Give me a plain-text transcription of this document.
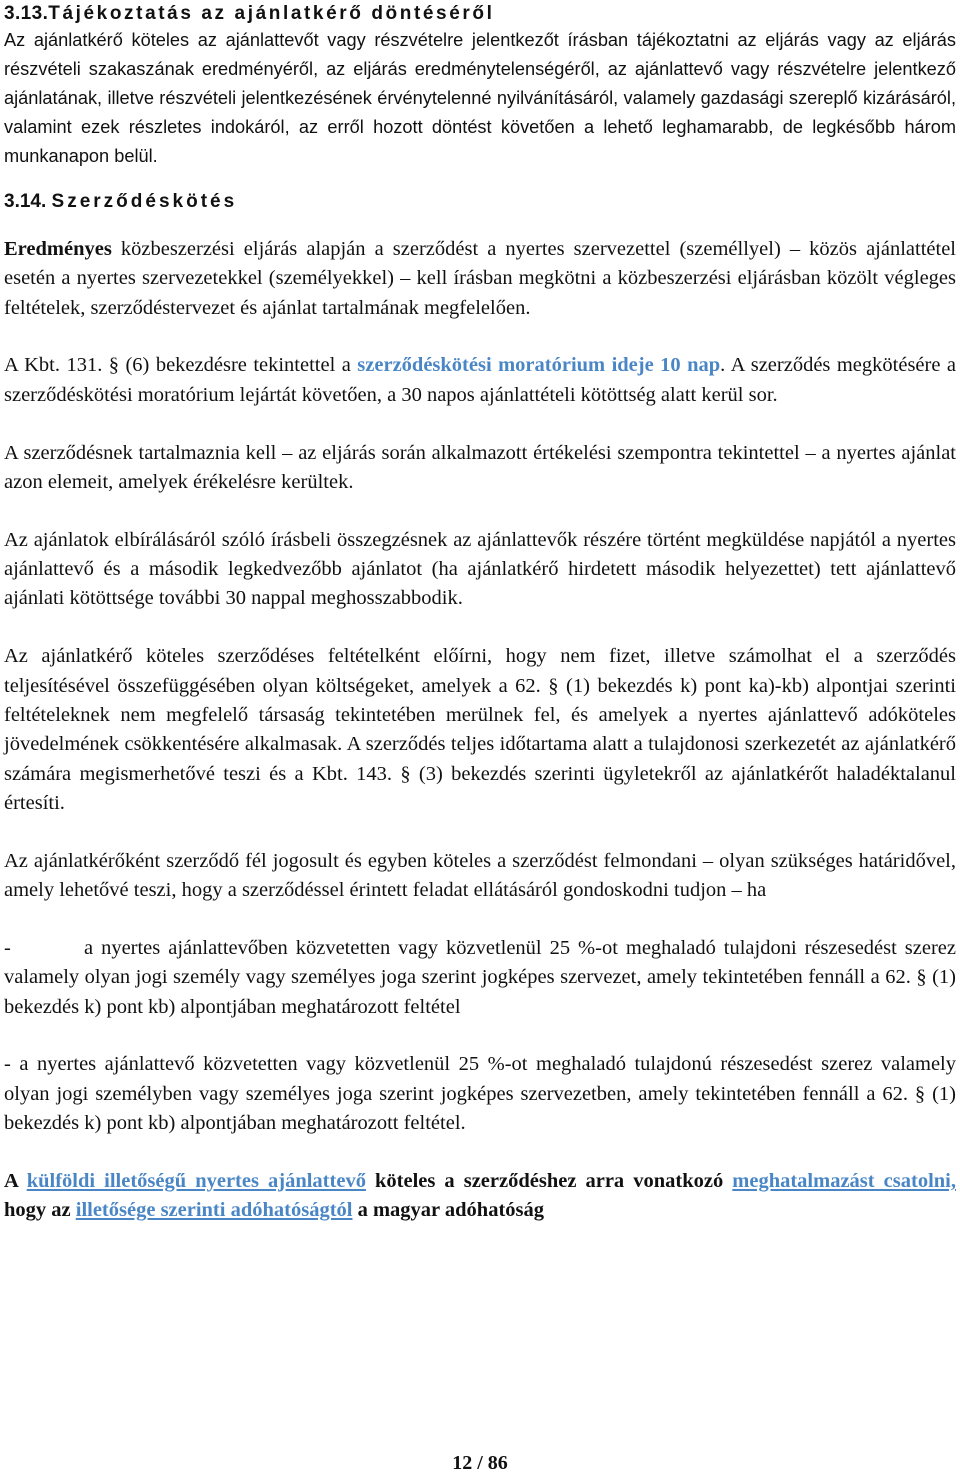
3.13.Tájékoztatás az ajánlatkérő döntéséről

Az ajánlatkérő köteles az ajánlattevőt vagy részvételre jelentkezőt írásban tájékoztatni az eljárás vagy az eljárás részvételi szakaszának eredményéről, az eljárás eredménytelenségéről, az ajánlattevő vagy részvételre jelentkező ajánlatának, illetve részvételi jelentkezésének érvénytelenné nyilvánításáról, valamely gazdasági szereplő kizárásáról, valamint ezek részletes indokáról, az erről hozott döntést követően a lehető leghamarabb, de legkésőbb három munkanapon belül.

3.14. Szerződéskötés

Eredményes közbeszerzési eljárás alapján a szerződést a nyertes szervezettel (személlyel) – közös ajánlattétel esetén a nyertes szervezetekkel (személyekkel) – kell írásban megkötni a közbeszerzési eljárásban közölt végleges feltételek, szerződéstervezet és ajánlat tartalmának megfelelően.

A Kbt. 131. § (6) bekezdésre tekintettel a szerződéskötési moratórium ideje 10 nap. A szerződés megkötésére a szerződéskötési moratórium lejártát követően, a 30 napos ajánlattételi kötöttség alatt kerül sor.

A szerződésnek tartalmaznia kell – az eljárás során alkalmazott értékelési szempontra tekintettel – a nyertes ajánlat azon elemeit, amelyek érékelésre kerültek.

Az ajánlatok elbírálásáról szóló írásbeli összegzésnek az ajánlattevők részére történt megküldése napjától a nyertes ajánlattevő és a második legkedvezőbb ajánlatot (ha ajánlatkérő hirdetett második helyezettet) tett ajánlattevő ajánlati kötöttsége további 30 nappal meghosszabbodik.

Az ajánlatkérő köteles szerződéses feltételként előírni, hogy nem fizet, illetve számolhat el a szerződés teljesítésével összefüggésében olyan költségeket, amelyek a 62. § (1) bekezdés k) pont ka)-kb) alpontjai szerinti feltételeknek nem megfelelő társaság tekintetében merülnek fel, és amelyek a nyertes ajánlattevő adóköteles jövedelmének csökkentésére alkalmasak. A szerződés teljes időtartama alatt a tulajdonosi szerkezetét az ajánlatkérő számára megismerhetővé teszi és a Kbt. 143. § (3) bekezdés szerinti ügyletekről az ajánlatkérőt haladéktalanul értesíti.

Az ajánlatkérőként szerződő fél jogosult és egyben köteles a szerződést felmondani – olyan szükséges határidővel, amely lehetővé teszi, hogy a szerződéssel érintett feladat ellátásáról gondoskodni tudjon – ha

-	a nyertes ajánlattevőben közvetetten vagy közvetlenül 25 %-ot meghaladó tulajdoni részesedést szerez valamely olyan jogi személy vagy személyes joga szerint jogképes szervezet, amely tekintetében fennáll a 62. § (1) bekezdés k) pont kb) alpontjában meghatározott feltétel

- a nyertes ajánlattevő közvetetten vagy közvetlenül 25 %-ot meghaladó tulajdonú részesedést szerez valamely olyan jogi személyben vagy személyes joga szerint jogképes szervezetben, amely tekintetében fennáll a 62. § (1) bekezdés k) pont kb) alpontjában meghatározott feltétel.

A külföldi illetőségű nyertes ajánlattevő köteles a szerződéshez arra vonatkozó meghatalmazást csatolni, hogy az illetősége szerinti adóhatóságtól a magyar adóhatóság

12 / 86
